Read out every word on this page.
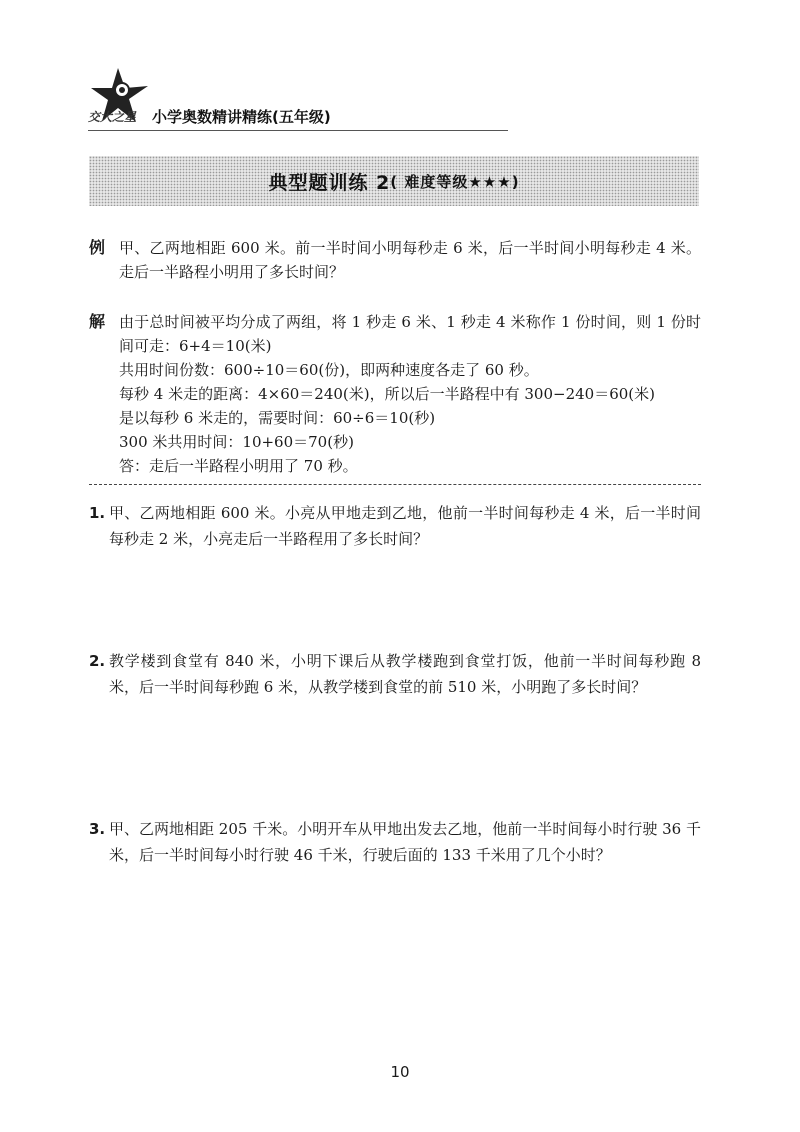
交大之星 小学奥数精讲精练(五年级)
典型题训练 2 ( 难度等级★★★)
例 甲、乙两地相距 600 米。前一半时间小明每秒走 6 米，后一半时间小明每秒走 4 米。走后一半路程小明用了多长时间？
解 由于总时间被平均分成了两组，将 1 秒走 6 米、1 秒走 4 米称作 1 份时间，则 1 份时间可走：6+4＝10(米)
共用时间份数：600÷10＝60(份)，即两种速度各走了 60 秒。
每秒 4 米走的距离：4×60＝240(米)，所以后一半路程中有 300−240＝60(米)
是以每秒 6 米走的，需要时间：60÷6＝10(秒)
300 米共用时间：10+60＝70(秒)
答：走后一半路程小明用了 70 秒。
1. 甲、乙两地相距 600 米。小亮从甲地走到乙地，他前一半时间每秒走 4 米，后一半时间每秒走 2 米，小亮走后一半路程用了多长时间？
2. 教学楼到食堂有 840 米，小明下课后从教学楼跑到食堂打饭，他前一半时间每秒跑 8 米，后一半时间每秒跑 6 米，从教学楼到食堂的前 510 米，小明跑了多长时间？
3. 甲、乙两地相距 205 千米。小明开车从甲地出发去乙地，他前一半时间每小时行驶 36 千米，后一半时间每小时行驶 46 千米，行驶后面的 133 千米用了几个小时？
10
